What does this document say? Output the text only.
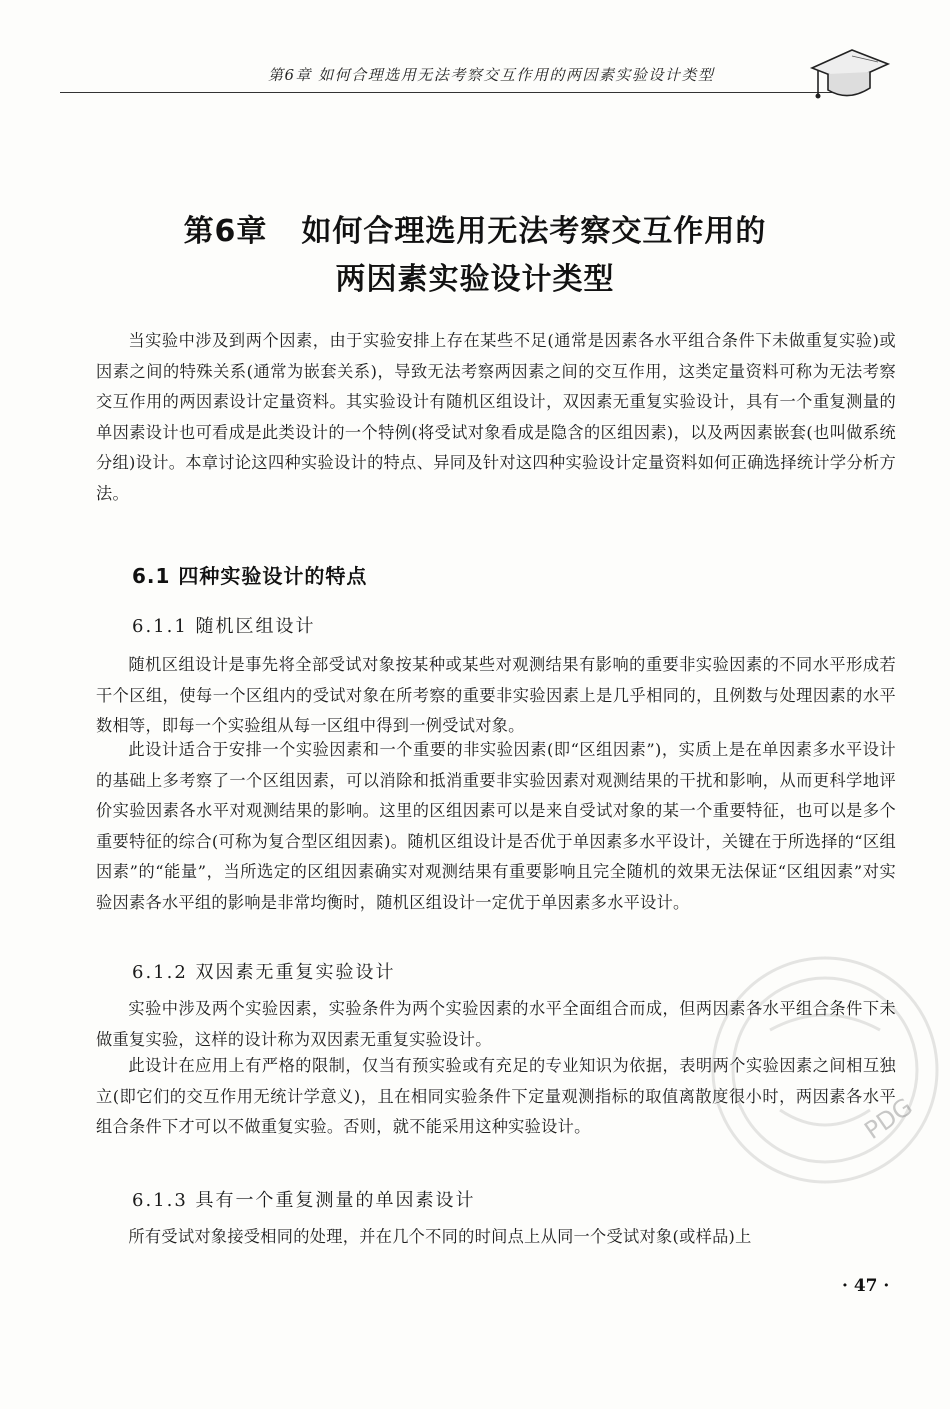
第6章 如何合理选用无法考察交互作用的两因素实验设计类型
第6章 如何合理选用无法考察交互作用的
两因素实验设计类型

当实验中涉及到两个因素，由于实验安排上存在某些不足(通常是因素各水平组合条件下未做重复实验)或因素之间的特殊关系(通常为嵌套关系)，导致无法考察两因素之间的交互作用，这类定量资料可称为无法考察交互作用的两因素设计定量资料。其实验设计有随机区组设计，双因素无重复实验设计，具有一个重复测量的单因素设计也可看成是此类设计的一个特例(将受试对象看成是隐含的区组因素)，以及两因素嵌套(也叫做系统分组)设计。本章讨论这四种实验设计的特点、异同及针对这四种实验设计定量资料如何正确选择统计学分析方法。

6.1 四种实验设计的特点
6.1.1 随机区组设计

随机区组设计是事先将全部受试对象按某种或某些对观测结果有影响的重要非实验因素的不同水平形成若干个区组，使每一个区组内的受试对象在所考察的重要非实验因素上是几乎相同的，且例数与处理因素的水平数相等，即每一个实验组从每一区组中得到一例受试对象。

此设计适合于安排一个实验因素和一个重要的非实验因素(即“区组因素”)，实质上是在单因素多水平设计的基础上多考察了一个区组因素，可以消除和抵消重要非实验因素对观测结果的干扰和影响，从而更科学地评价实验因素各水平对观测结果的影响。这里的区组因素可以是来自受试对象的某一个重要特征，也可以是多个重要特征的综合(可称为复合型区组因素)。随机区组设计是否优于单因素多水平设计，关键在于所选择的“区组因素”的“能量”，当所选定的区组因素确实对观测结果有重要影响且完全随机的效果无法保证“区组因素”对实验因素各水平组的影响是非常均衡时，随机区组设计一定优于单因素多水平设计。

6.1.2 双因素无重复实验设计

实验中涉及两个实验因素，实验条件为两个实验因素的水平全面组合而成，但两因素各水平组合条件下未做重复实验，这样的设计称为双因素无重复实验设计。

此设计在应用上有严格的限制，仅当有预实验或有充足的专业知识为依据，表明两个实验因素之间相互独立(即它们的交互作用无统计学意义)，且在相同实验条件下定量观测指标的取值离散度很小时，两因素各水平组合条件下才可以不做重复实验。否则，就不能采用这种实验设计。

6.1.3 具有一个重复测量的单因素设计

所有受试对象接受相同的处理，并在几个不同的时间点上从同一个受试对象(或样品)上

· 47 ·
PDG
